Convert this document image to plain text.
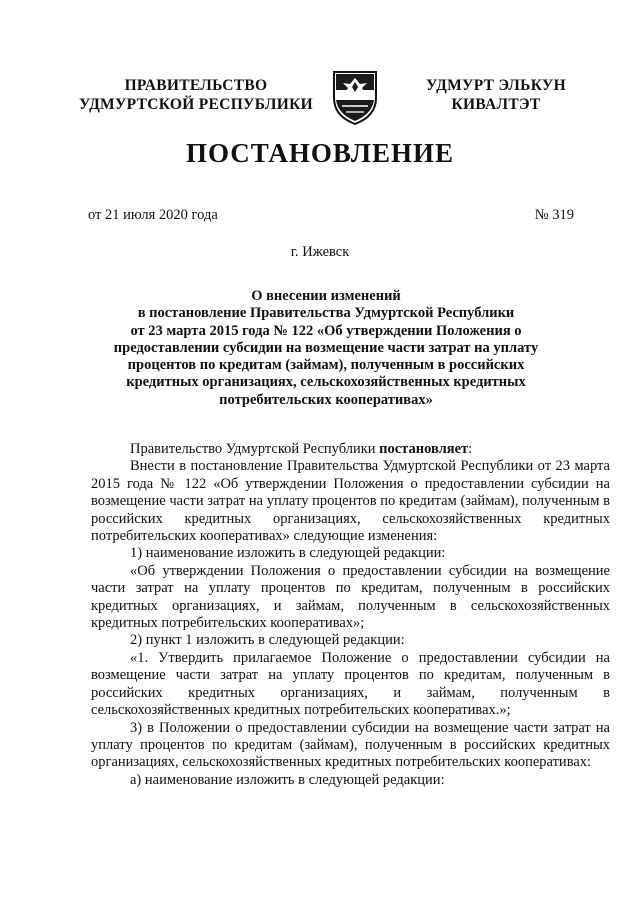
ПРАВИТЕЛЬСТВО
УДМУРТСКОЙ РЕСПУБЛИКИ
УДМУРТ ЭЛЬКУН
КИВАЛТЭТ
ПОСТАНОВЛЕНИЕ
от 21 июля 2020 года	№ 319
г. Ижевск
О внесении изменений
в постановление Правительства Удмуртской Республики
от 23 марта 2015 года № 122 «Об утверждении Положения о
предоставлении субсидии на возмещение части затрат на уплату
процентов по кредитам (займам), полученным в российских
кредитных организациях, сельскохозяйственных кредитных
потребительских кооперативах»

Правительство Удмуртской Республики постановляет:

Внести в постановление Правительства Удмуртской Республики от 23 марта 2015 года № 122 «Об утверждении Положения о предоставлении субсидии на возмещение части затрат на уплату процентов по кредитам (займам), полученным в российских кредитных организациях, сельскохозяйственных кредитных потребительских кооперативах» следующие изменения:

1) наименование изложить в следующей редакции:

«Об утверждении Положения о предоставлении субсидии на возмещение части затрат на уплату процентов по кредитам, полученным в российских кредитных организациях, и займам, полученным в сельскохозяйственных кредитных потребительских кооперативах»;

2) пункт 1 изложить в следующей редакции:

«1. Утвердить прилагаемое Положение о предоставлении субсидии на возмещение части затрат на уплату процентов по кредитам, полученным в российских кредитных организациях, и займам, полученным в сельскохозяйственных кредитных потребительских кооперативах.»;

3) в Положении о предоставлении субсидии на возмещение части затрат на уплату процентов по кредитам (займам), полученным в российских кредитных организациях, сельскохозяйственных кредитных потребительских кооперативах:

а) наименование изложить в следующей редакции:
